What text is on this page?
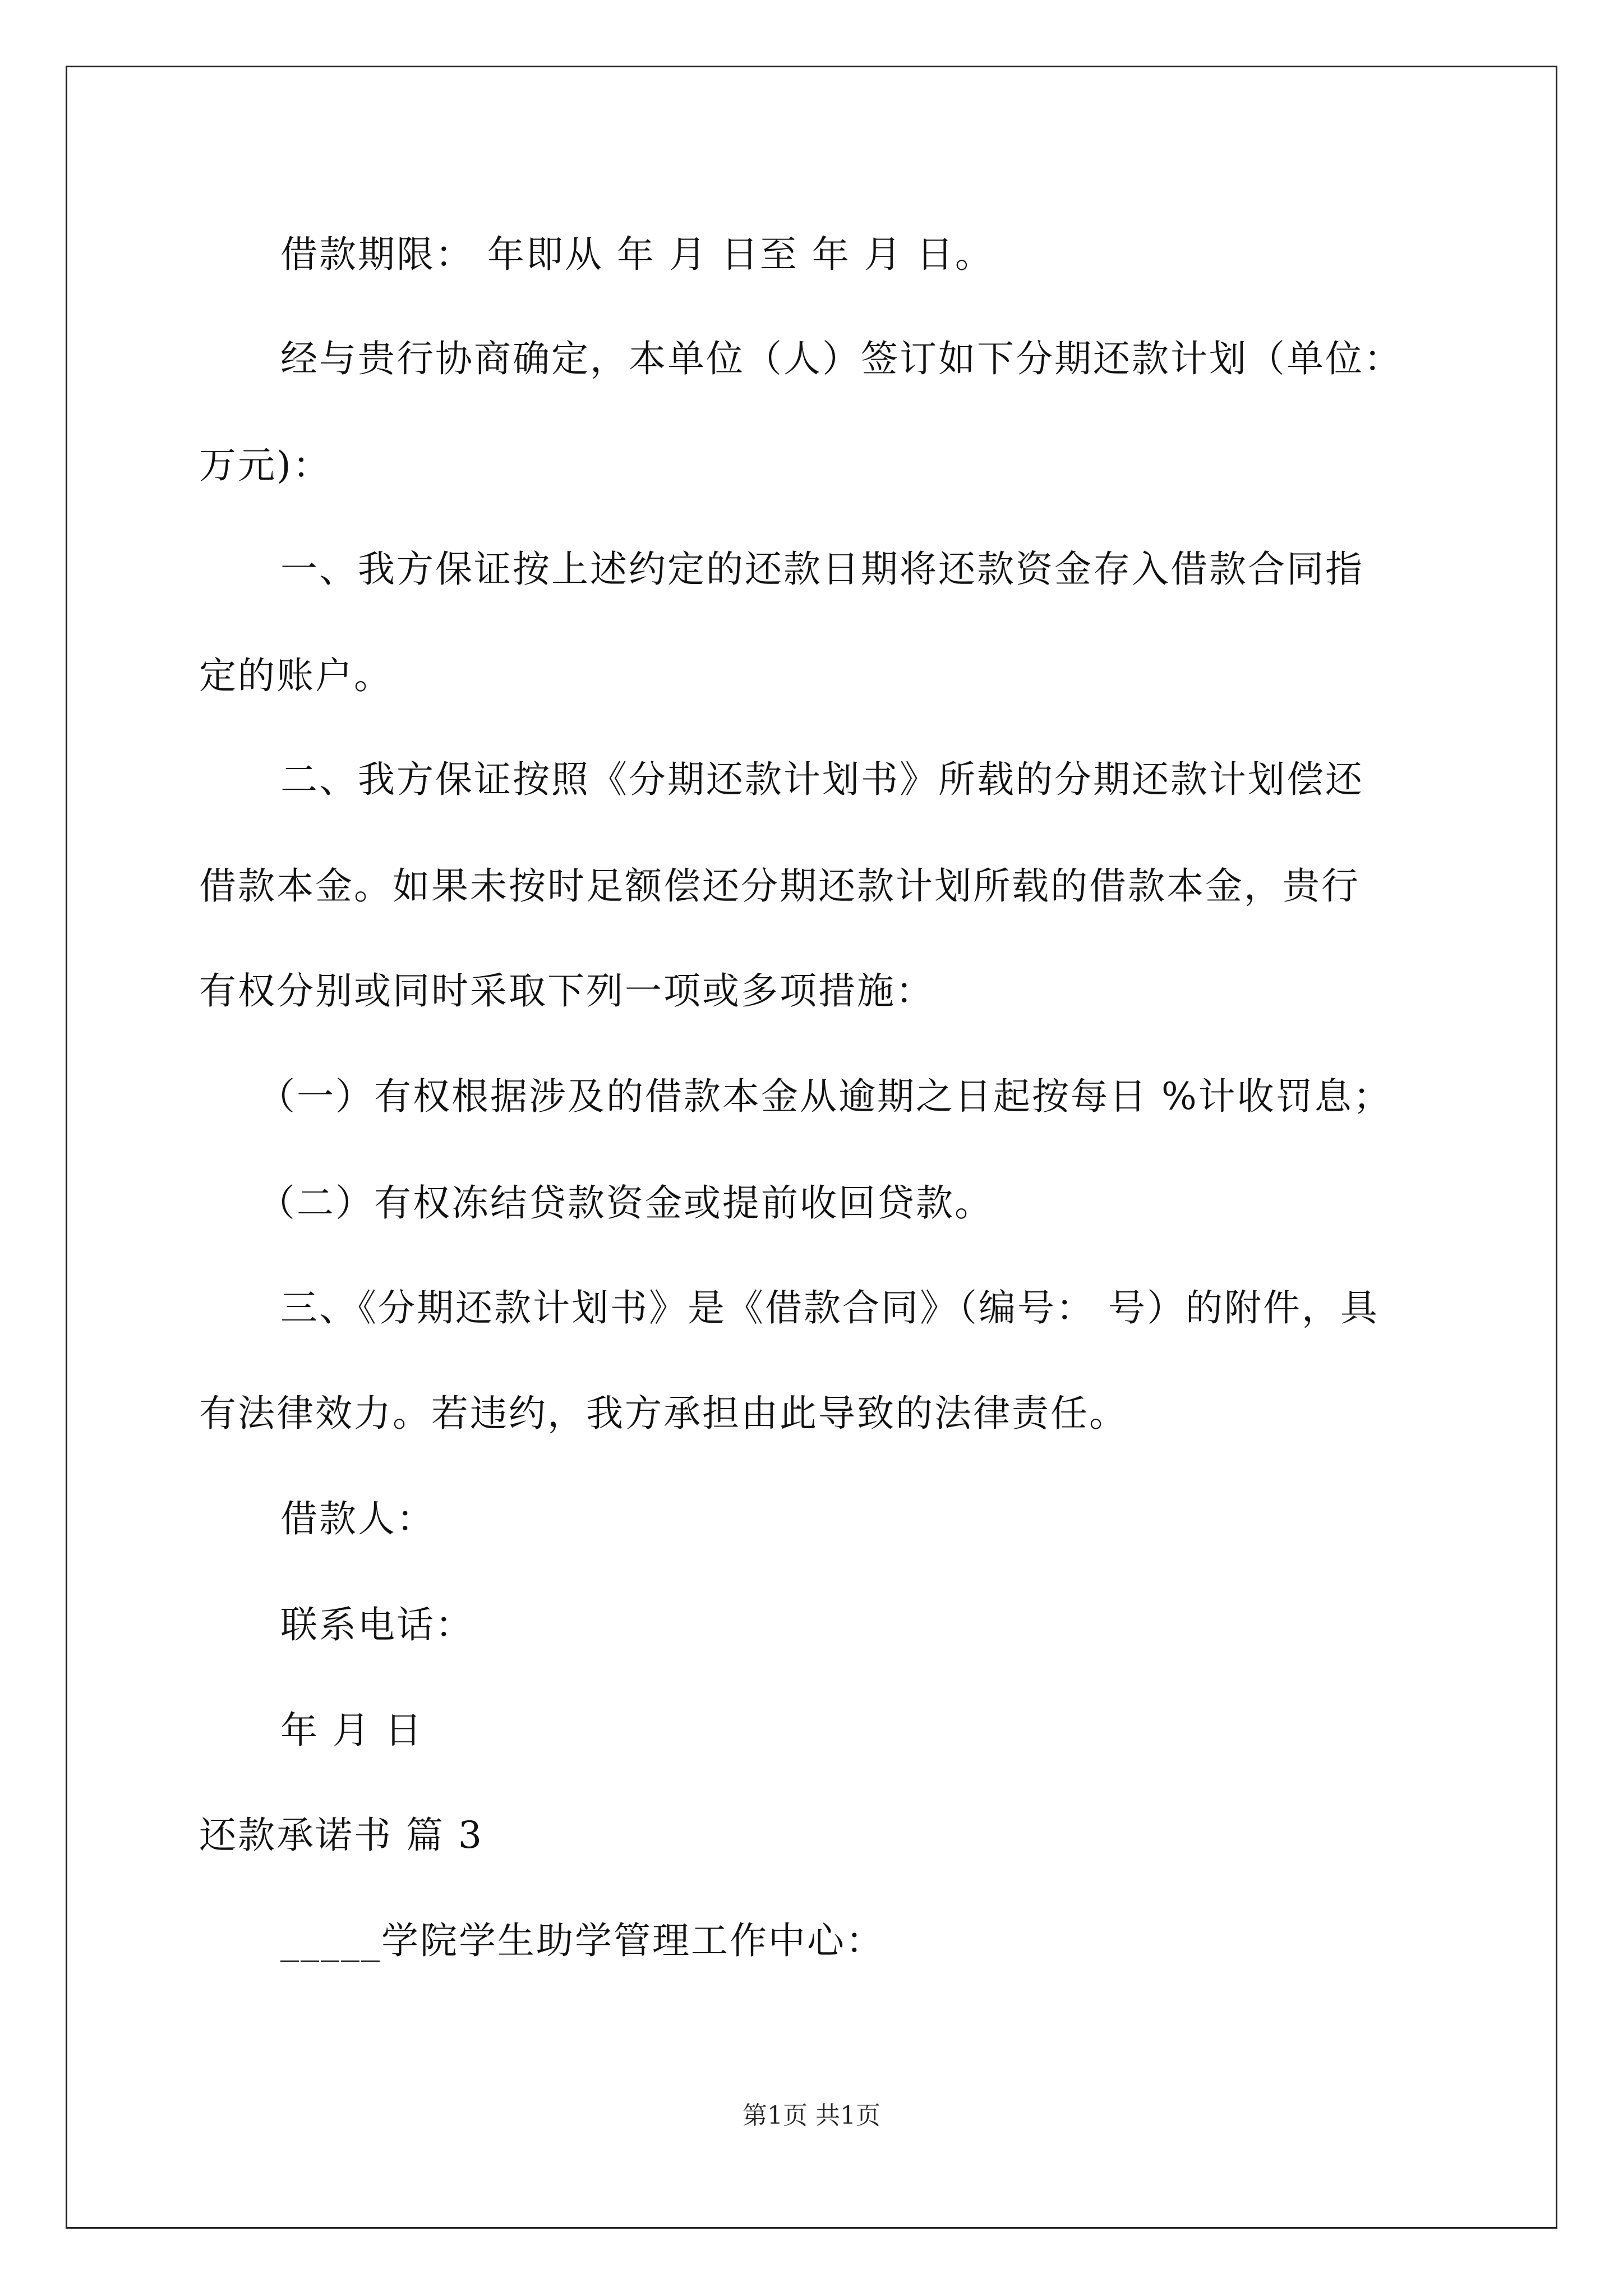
借款期限： 年即从 年 月 日至 年 月 日。
经与贵行协商确定，本单位（人）签订如下分期还款计划（单位：
万元)：
一、我方保证按上述约定的还款日期将还款资金存入借款合同指
定的账户。
二、我方保证按照《分期还款计划书》所载的分期还款计划偿还
借款本金。如果未按时足额偿还分期还款计划所载的借款本金，贵行
有权分别或同时采取下列一项或多项措施：
（一）有权根据涉及的借款本金从逾期之日起按每日 %计收罚息；
（二）有权冻结贷款资金或提前收回贷款。
三、《分期还款计划书》是《借款合同》（编号： 号）的附件，具
有法律效力。若违约，我方承担由此导致的法律责任。
借款人：
联系电话：
年 月 日
还款承诺书 篇 3
_____学院学生助学管理工作中心：
第1页 共1页
